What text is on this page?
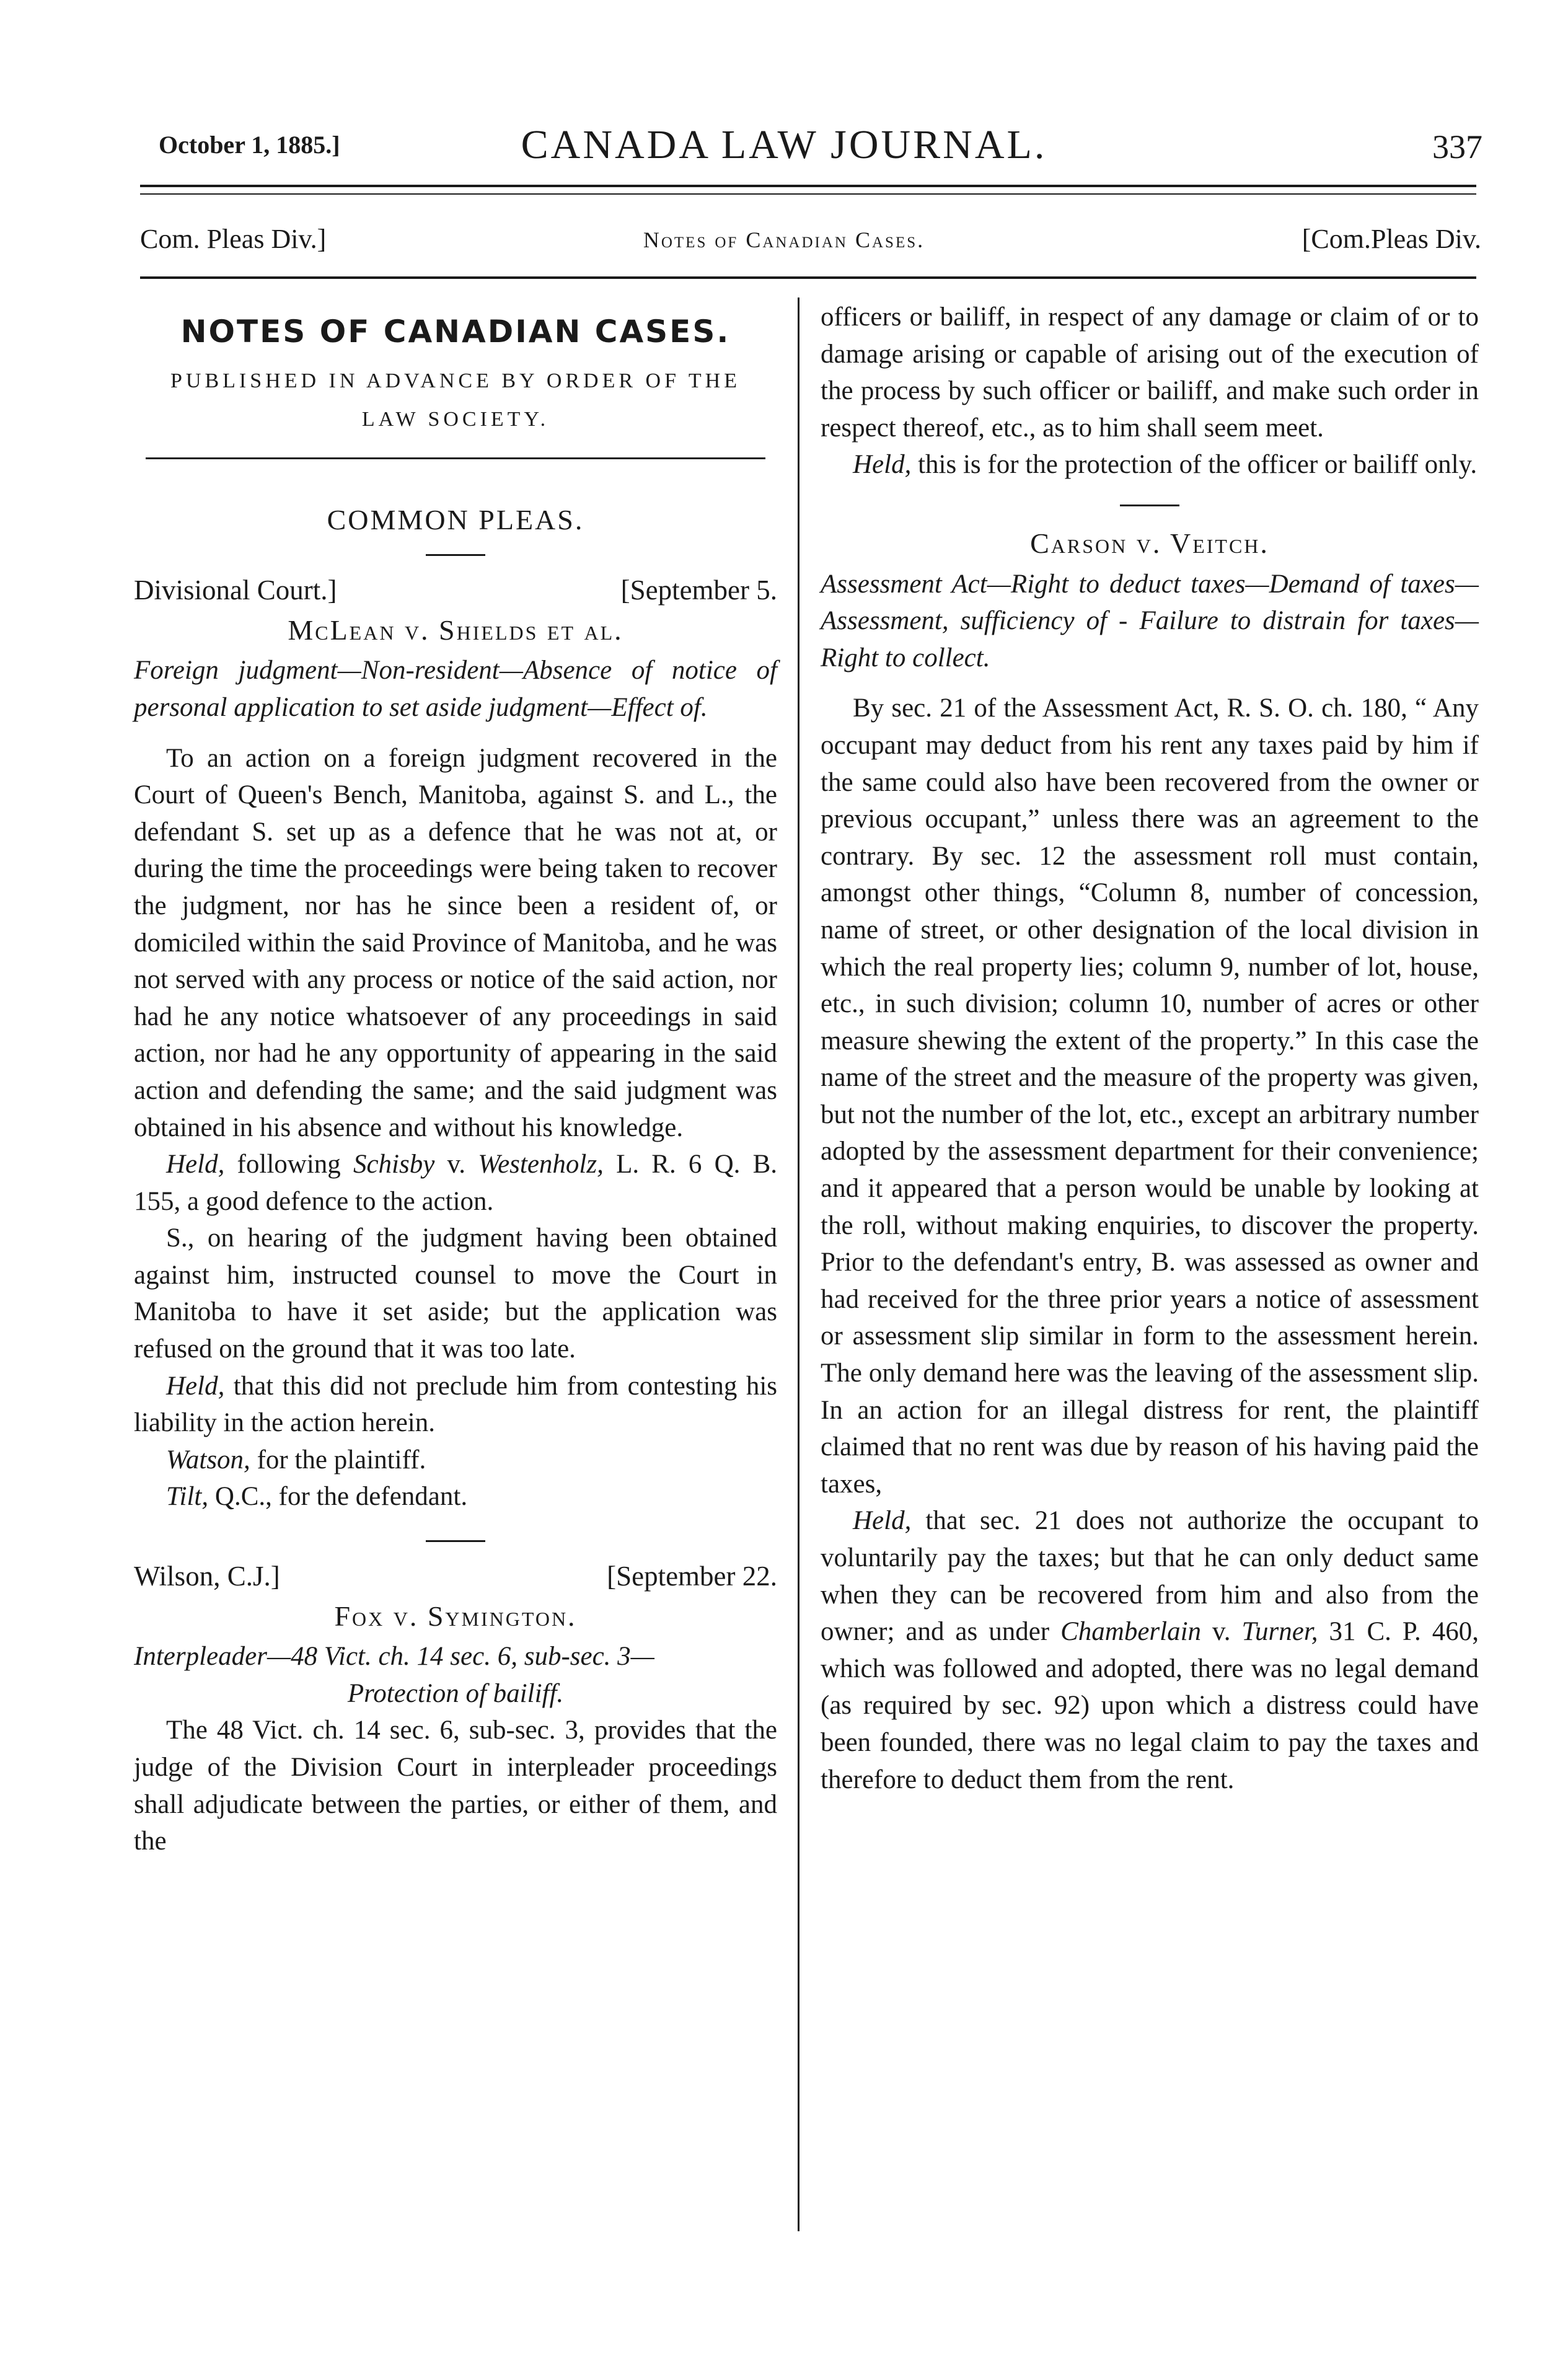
October 1, 1885.]	CANADA LAW JOURNAL.	337
Com. Pleas Div.]	Notes of Canadian Cases.	[Com.Pleas Div.
NOTES OF CANADIAN CASES.
PUBLISHED IN ADVANCE BY ORDER OF THE
LAW SOCIETY.
COMMON PLEAS.
Divisional Court.]	[September 5.
McLean v. Shields et al.

Foreign judgment—Non-resident—Absence of notice of personal application to set aside judgment—Effect of.

To an action on a foreign judgment recovered in the Court of Queen's Bench, Manitoba, against S. and L., the defendant S. set up as a defence that he was not at, or during the time the proceedings were being taken to recover the judgment, nor has he since been a resident of, or domiciled within the said Province of Manitoba, and he was not served with any process or notice of the said action, nor had he any notice whatsoever of any proceedings in said action, nor had he any opportunity of appearing in the said action and defending the same; and the said judgment was obtained in his absence and without his knowledge.

Held, following Schisby v. Westenholz, L. R. 6 Q. B. 155, a good defence to the action.

S., on hearing of the judgment having been obtained against him, instructed counsel to move the Court in Manitoba to have it set aside; but the application was refused on the ground that it was too late.

Held, that this did not preclude him from contesting his liability in the action herein.

Watson, for the plaintiff.

Tilt, Q.C., for the defendant.

Wilson, C.J.]	[September 22.
Fox v. Symington.

Interpleader—48 Vict. ch. 14 sec. 6, sub-sec. 3—

Protection of bailiff.

The 48 Vict. ch. 14 sec. 6, sub-sec. 3, provides that the judge of the Division Court in interpleader proceedings shall adjudicate between the parties, or either of them, and the

officers or bailiff, in respect of any damage or claim of or to damage arising or capable of arising out of the execution of the process by such officer or bailiff, and make such order in respect thereof, etc., as to him shall seem meet.

Held, this is for the protection of the officer or bailiff only.

Carson v. Veitch.

Assessment Act—Right to deduct taxes—Demand of taxes—Assessment, sufficiency of - Failure to distrain for taxes—Right to collect.

By sec. 21 of the Assessment Act, R. S. O. ch. 180, “ Any occupant may deduct from his rent any taxes paid by him if the same could also have been recovered from the owner or previous occupant,” unless there was an agreement to the contrary. By sec. 12 the assessment roll must contain, amongst other things, “Column 8, number of concession, name of street, or other designation of the local division in which the real property lies; column 9, number of lot, house, etc., in such division; column 10, number of acres or other measure shewing the extent of the property.” In this case the name of the street and the measure of the property was given, but not the number of the lot, etc., except an arbitrary number adopted by the assessment department for their convenience; and it appeared that a person would be unable by looking at the roll, without making enquiries, to discover the property. Prior to the defendant's entry, B. was assessed as owner and had received for the three prior years a notice of assessment or assessment slip similar in form to the assessment herein. The only demand here was the leaving of the assessment slip. In an action for an illegal distress for rent, the plaintiff claimed that no rent was due by reason of his having paid the taxes,

Held, that sec. 21 does not authorize the occupant to voluntarily pay the taxes; but that he can only deduct same when they can be recovered from him and also from the owner; and as under Chamberlain v. Turner, 31 C. P. 460, which was followed and adopted, there was no legal demand (as required by sec. 92) upon which a distress could have been founded, there was no legal claim to pay the taxes and therefore to deduct them from the rent.
